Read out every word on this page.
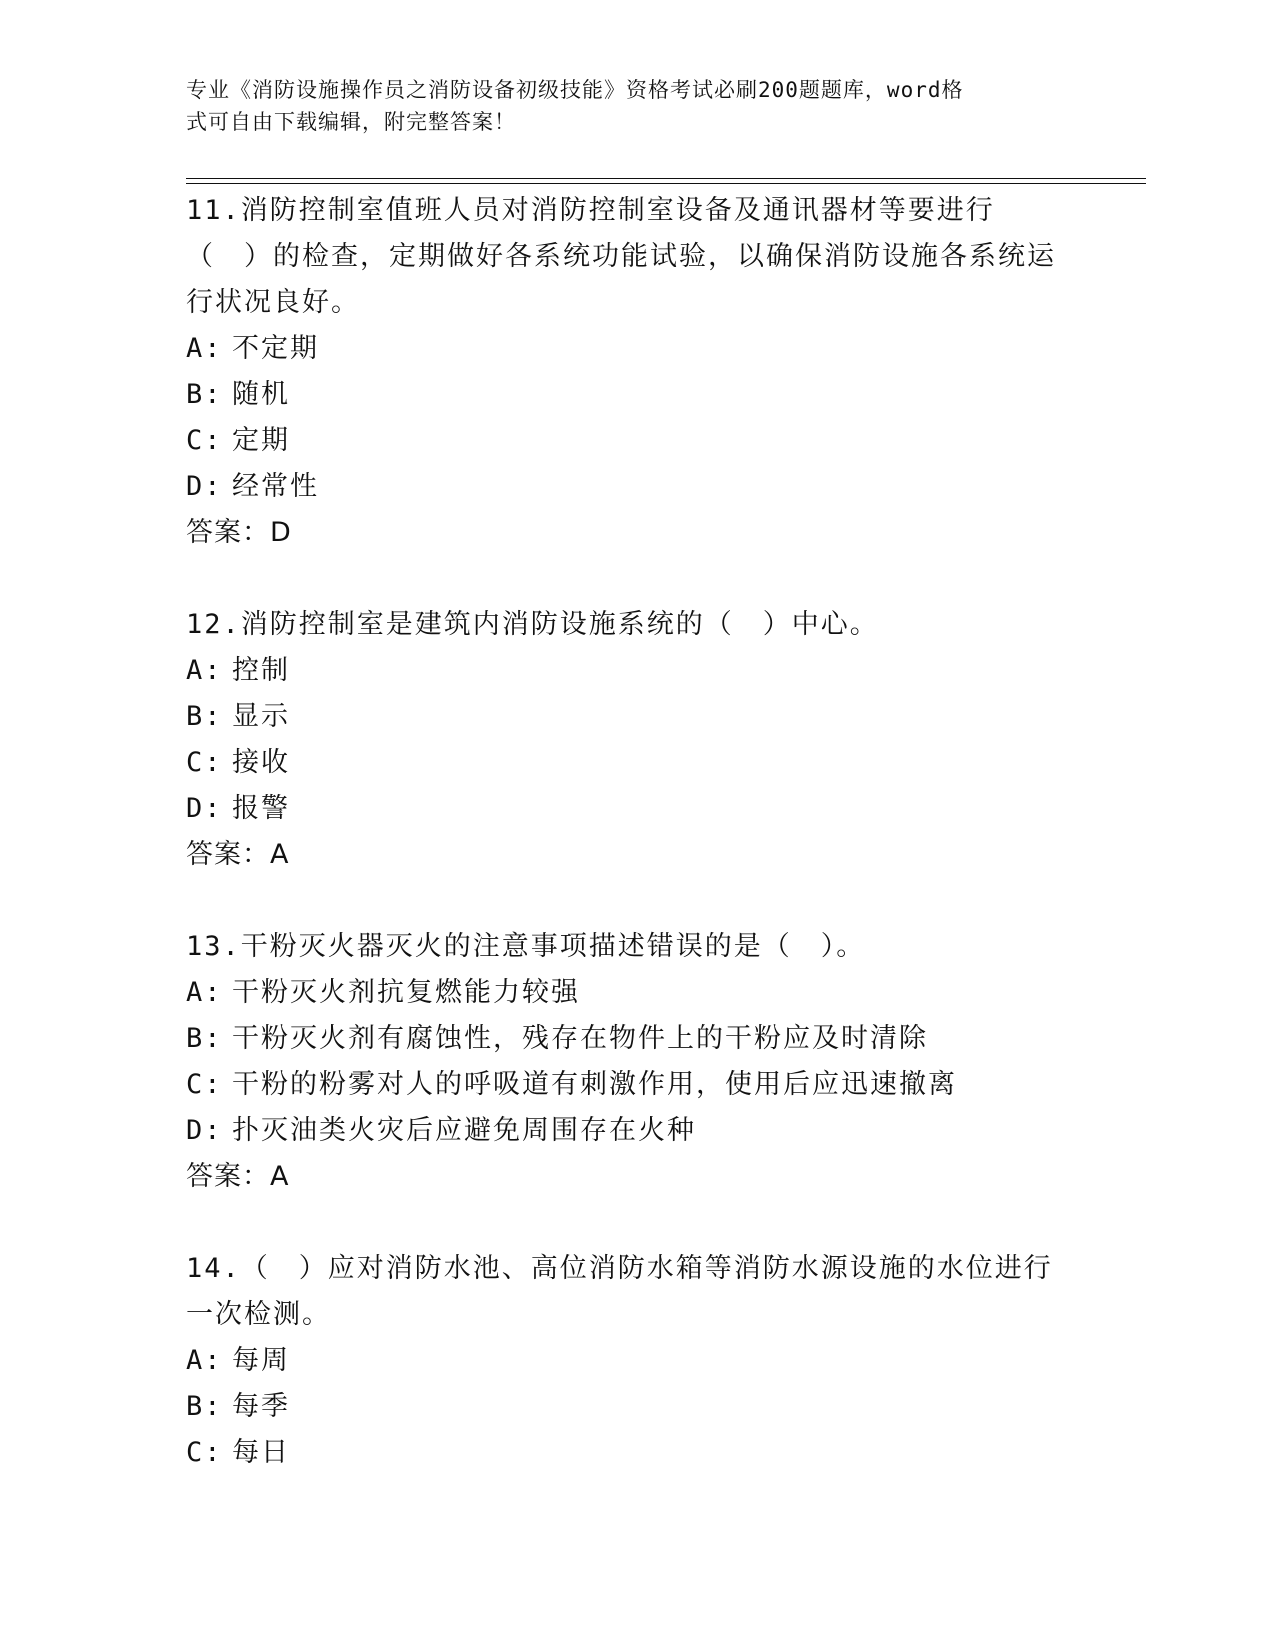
专业《消防设施操作员之消防设备初级技能》资格考试必刷200题题库，word格
式可自由下载编辑，附完整答案！

11.消防控制室值班人员对消防控制室设备及通讯器材等要进行（　）的检查，定期做好各系统功能试验，以确保消防设施各系统运行状况良好。

A: 不定期
B: 随机
C: 定期
D: 经常性
答案：D

12.消防控制室是建筑内消防设施系统的（　）中心。

A: 控制
B: 显示
C: 接收
D: 报警
答案：A

13.干粉灭火器灭火的注意事项描述错误的是（　）。

A: 干粉灭火剂抗复燃能力较强
B: 干粉灭火剂有腐蚀性，残存在物件上的干粉应及时清除
C: 干粉的粉雾对人的呼吸道有刺激作用，使用后应迅速撤离
D: 扑灭油类火灾后应避免周围存在火种
答案：A

14.（　）应对消防水池、高位消防水箱等消防水源设施的水位进行一次检测。

A: 每周
B: 每季
C: 每日
